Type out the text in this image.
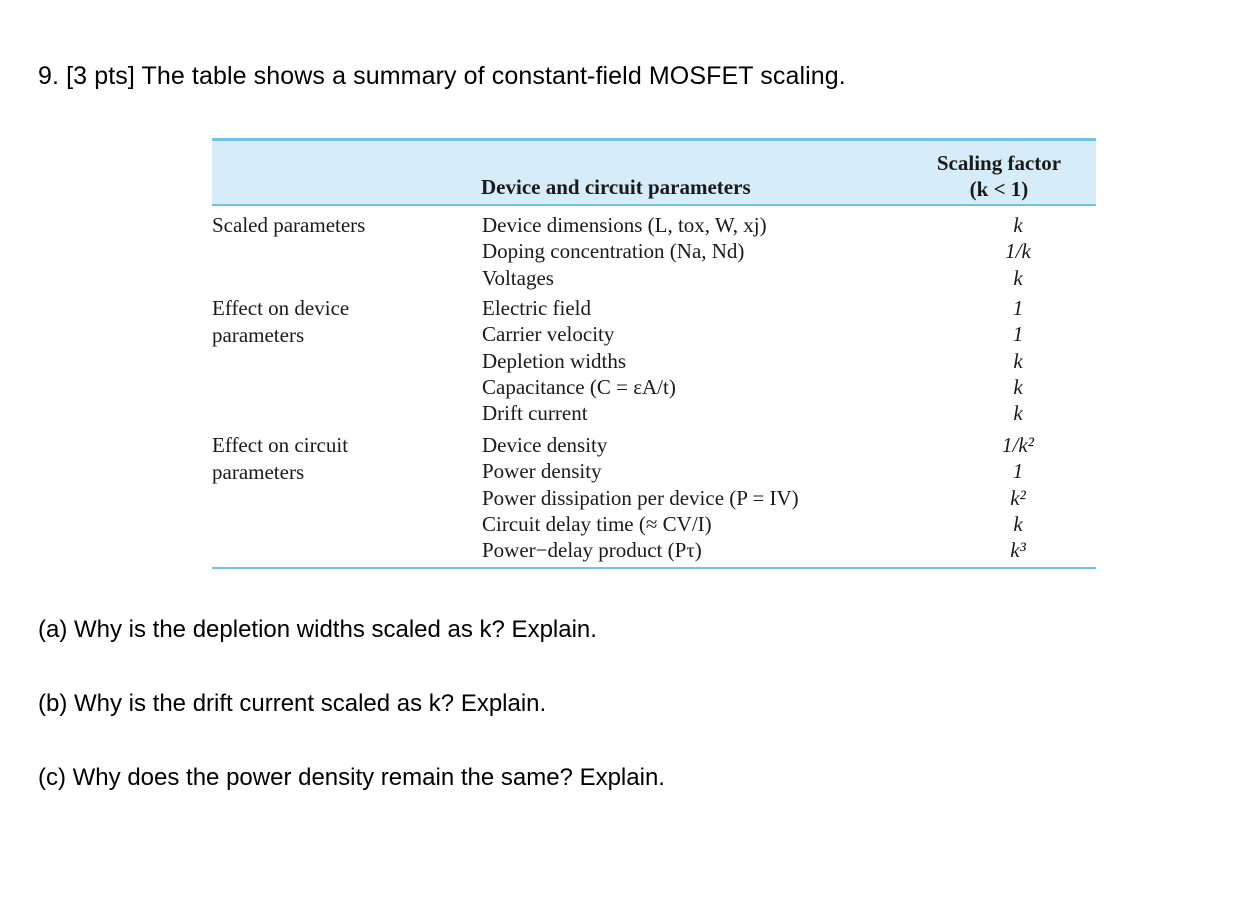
9. [3 pts] The table shows a summary of constant-field MOSFET scaling.
Device and circuit parameters
Scaling factor
(k < 1)
Scaled parameters	Device dimensions (L, tox, W, xj)
Doping concentration (Na, Nd)
Voltages
k
1/k
k
Effect on device parameters
Electric field
Carrier velocity
Depletion widths
Capacitance (C = εA/t)
Drift current
1
1
k
k
k
Effect on circuit parameters
Device density
Power density
Power dissipation per device (P = IV)
Circuit delay time (≈ CV/I)
Power−delay product (Pτ)
1/k²
1
k²
k
k³
(a) Why is the depletion widths scaled as k? Explain.
(b) Why is the drift current scaled as k? Explain.
(c) Why does the power density remain the same? Explain.
